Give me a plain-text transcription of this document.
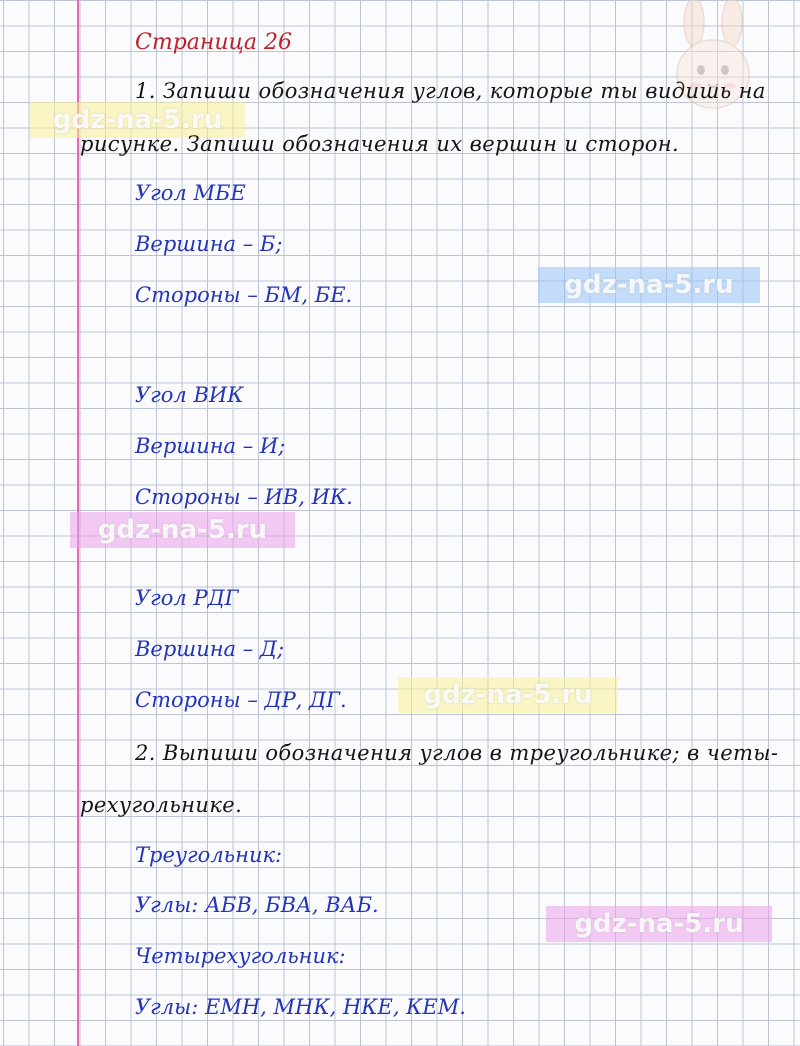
gdz-na-5.ru
gdz-na-5.ru
gdz-na-5.ru
gdz-na-5.ru
gdz-na-5.ru

Страница 26

1. Запиши обозначения углов, которые ты видишь на

рисунке. Запиши обозначения их вершин и сторон.

Угол МБЕ

Вершина – Б;

Стороны – БМ, БЕ.

Угол ВИК

Вершина – И;

Стороны – ИВ, ИК.

Угол РДГ

Вершина – Д;

Стороны – ДР, ДГ.

2. Выпиши обозначения углов в треугольнике; в четы-

рехугольнике.

Треугольник:

Углы: АБВ, БВА, ВАБ.

Четырехугольник:

Углы: ЕМН, МНК, НКЕ, КЕМ.
